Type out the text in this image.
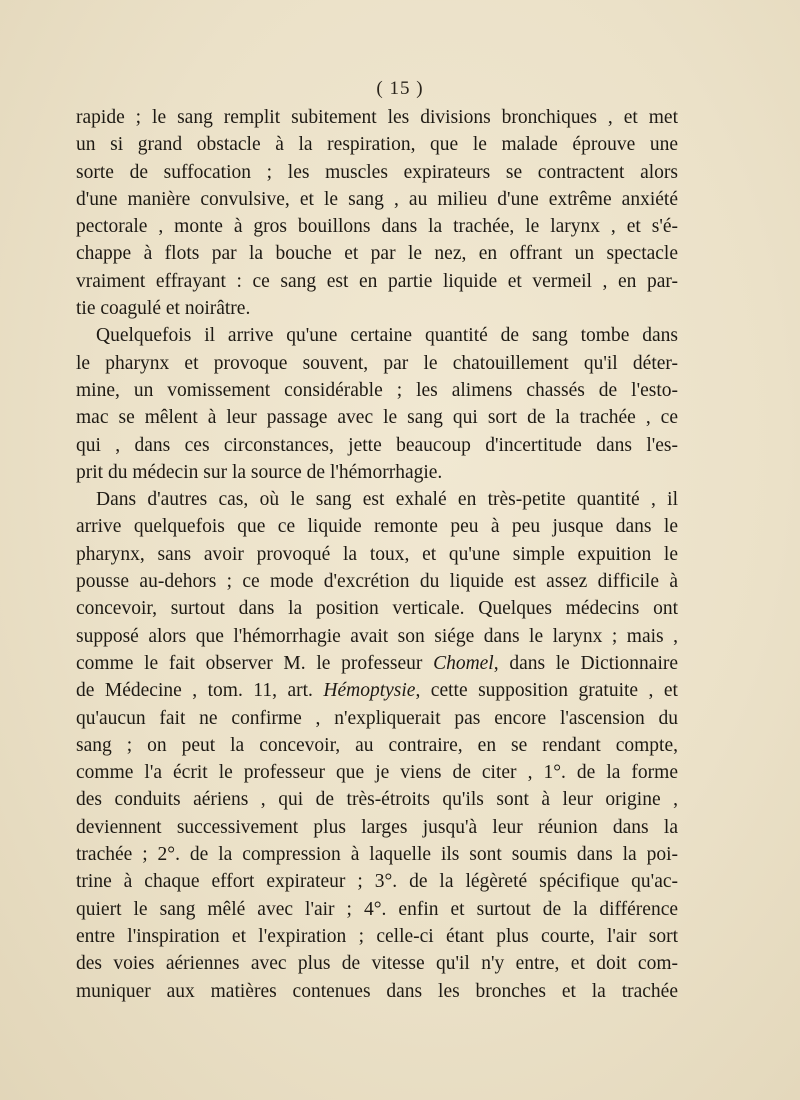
( 15 )
rapide ; le sang remplit subitement les divisions bronchiques , et met
un si grand obstacle à la respiration, que le malade éprouve une
sorte de suffocation ; les muscles expirateurs se contractent alors
d'une manière convulsive, et le sang , au milieu d'une extrême anxiété
pectorale , monte à gros bouillons dans la trachée, le larynx , et s'é-
chappe à flots par la bouche et par le nez, en offrant un spectacle
vraiment effrayant : ce sang est en partie liquide et vermeil , en par-
tie coagulé et noirâtre.
Quelquefois il arrive qu'une certaine quantité de sang tombe dans
le pharynx et provoque souvent, par le chatouillement qu'il déter-
mine, un vomissement considérable ; les alimens chassés de l'esto-
mac se mêlent à leur passage avec le sang qui sort de la trachée , ce
qui , dans ces circonstances, jette beaucoup d'incertitude dans l'es-
prit du médecin sur la source de l'hémorrhagie.
Dans d'autres cas, où le sang est exhalé en très-petite quantité , il
arrive quelquefois que ce liquide remonte peu à peu jusque dans le
pharynx, sans avoir provoqué la toux, et qu'une simple expuition le
pousse au-dehors ; ce mode d'excrétion du liquide est assez difficile à
concevoir, surtout dans la position verticale. Quelques médecins ont
supposé alors que l'hémorrhagie avait son siége dans le larynx ; mais ,
comme le fait observer M. le professeur Chomel, dans le Dictionnaire
de Médecine , tom. 11, art. Hémoptysie, cette supposition gratuite , et
qu'aucun fait ne confirme , n'expliquerait pas encore l'ascension du
sang ; on peut la concevoir, au contraire, en se rendant compte,
comme l'a écrit le professeur que je viens de citer , 1°. de la forme
des conduits aériens , qui de très-étroits qu'ils sont à leur origine ,
deviennent successivement plus larges jusqu'à leur réunion dans la
trachée ; 2°. de la compression à laquelle ils sont soumis dans la poi-
trine à chaque effort expirateur ; 3°. de la légèreté spécifique qu'ac-
quiert le sang mêlé avec l'air ; 4°. enfin et surtout de la différence
entre l'inspiration et l'expiration ; celle-ci étant plus courte, l'air sort
des voies aériennes avec plus de vitesse qu'il n'y entre, et doit com-
muniquer aux matières contenues dans les bronches et la trachée
